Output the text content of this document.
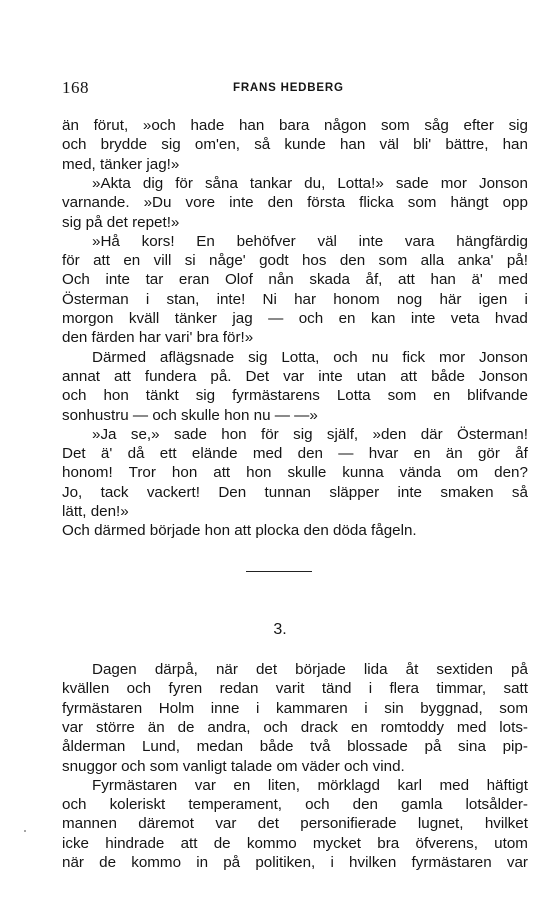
168	FRANS HEDBERG
än förut, »och hade han bara någon som såg efter sig
och brydde sig om'en, så kunde han väl bli' bättre, han
med, tänker jag!»
»Akta dig för såna tankar du, Lotta!» sade mor Jonson
varnande. »Du vore inte den första flicka som hängt opp
sig på det repet!»
»Hå kors! En behöfver väl inte vara hängfärdig
för att en vill si någe' godt hos den som alla anka' på!
Och inte tar eran Olof nån skada åf, att han ä' med
Österman i stan, inte! Ni har honom nog här igen i
morgon kväll tänker jag — och en kan inte veta hvad
den färden har vari' bra för!»
Därmed aflägsnade sig Lotta, och nu fick mor Jonson
annat att fundera på. Det var inte utan att både Jonson
och hon tänkt sig fyrmästarens Lotta som en blifvande
sonhustru — och skulle hon nu — —»
»Ja se,» sade hon för sig själf, »den där Österman!
Det ä' då ett elände med den — hvar en än gör åf
honom! Tror hon att hon skulle kunna vända om den?
Jo, tack vackert! Den tunnan släpper inte smaken så
lätt, den!»
Och därmed började hon att plocka den döda fågeln.
3.
Dagen därpå, när det började lida åt sextiden på
kvällen och fyren redan varit tänd i flera timmar, satt
fyrmästaren Holm inne i kammaren i sin byggnad, som
var större än de andra, och drack en romtoddy med lots-
ålderman Lund, medan både två blossade på sina pip-
snuggor och som vanligt talade om väder och vind.
Fyrmästaren var en liten, mörklagd karl med häftigt
och koleriskt temperament, och den gamla lotsålder-
mannen däremot var det personifierade lugnet, hvilket
icke hindrade att de kommo mycket bra öfverens, utom
när de kommo in på politiken, i hvilken fyrmästaren var
